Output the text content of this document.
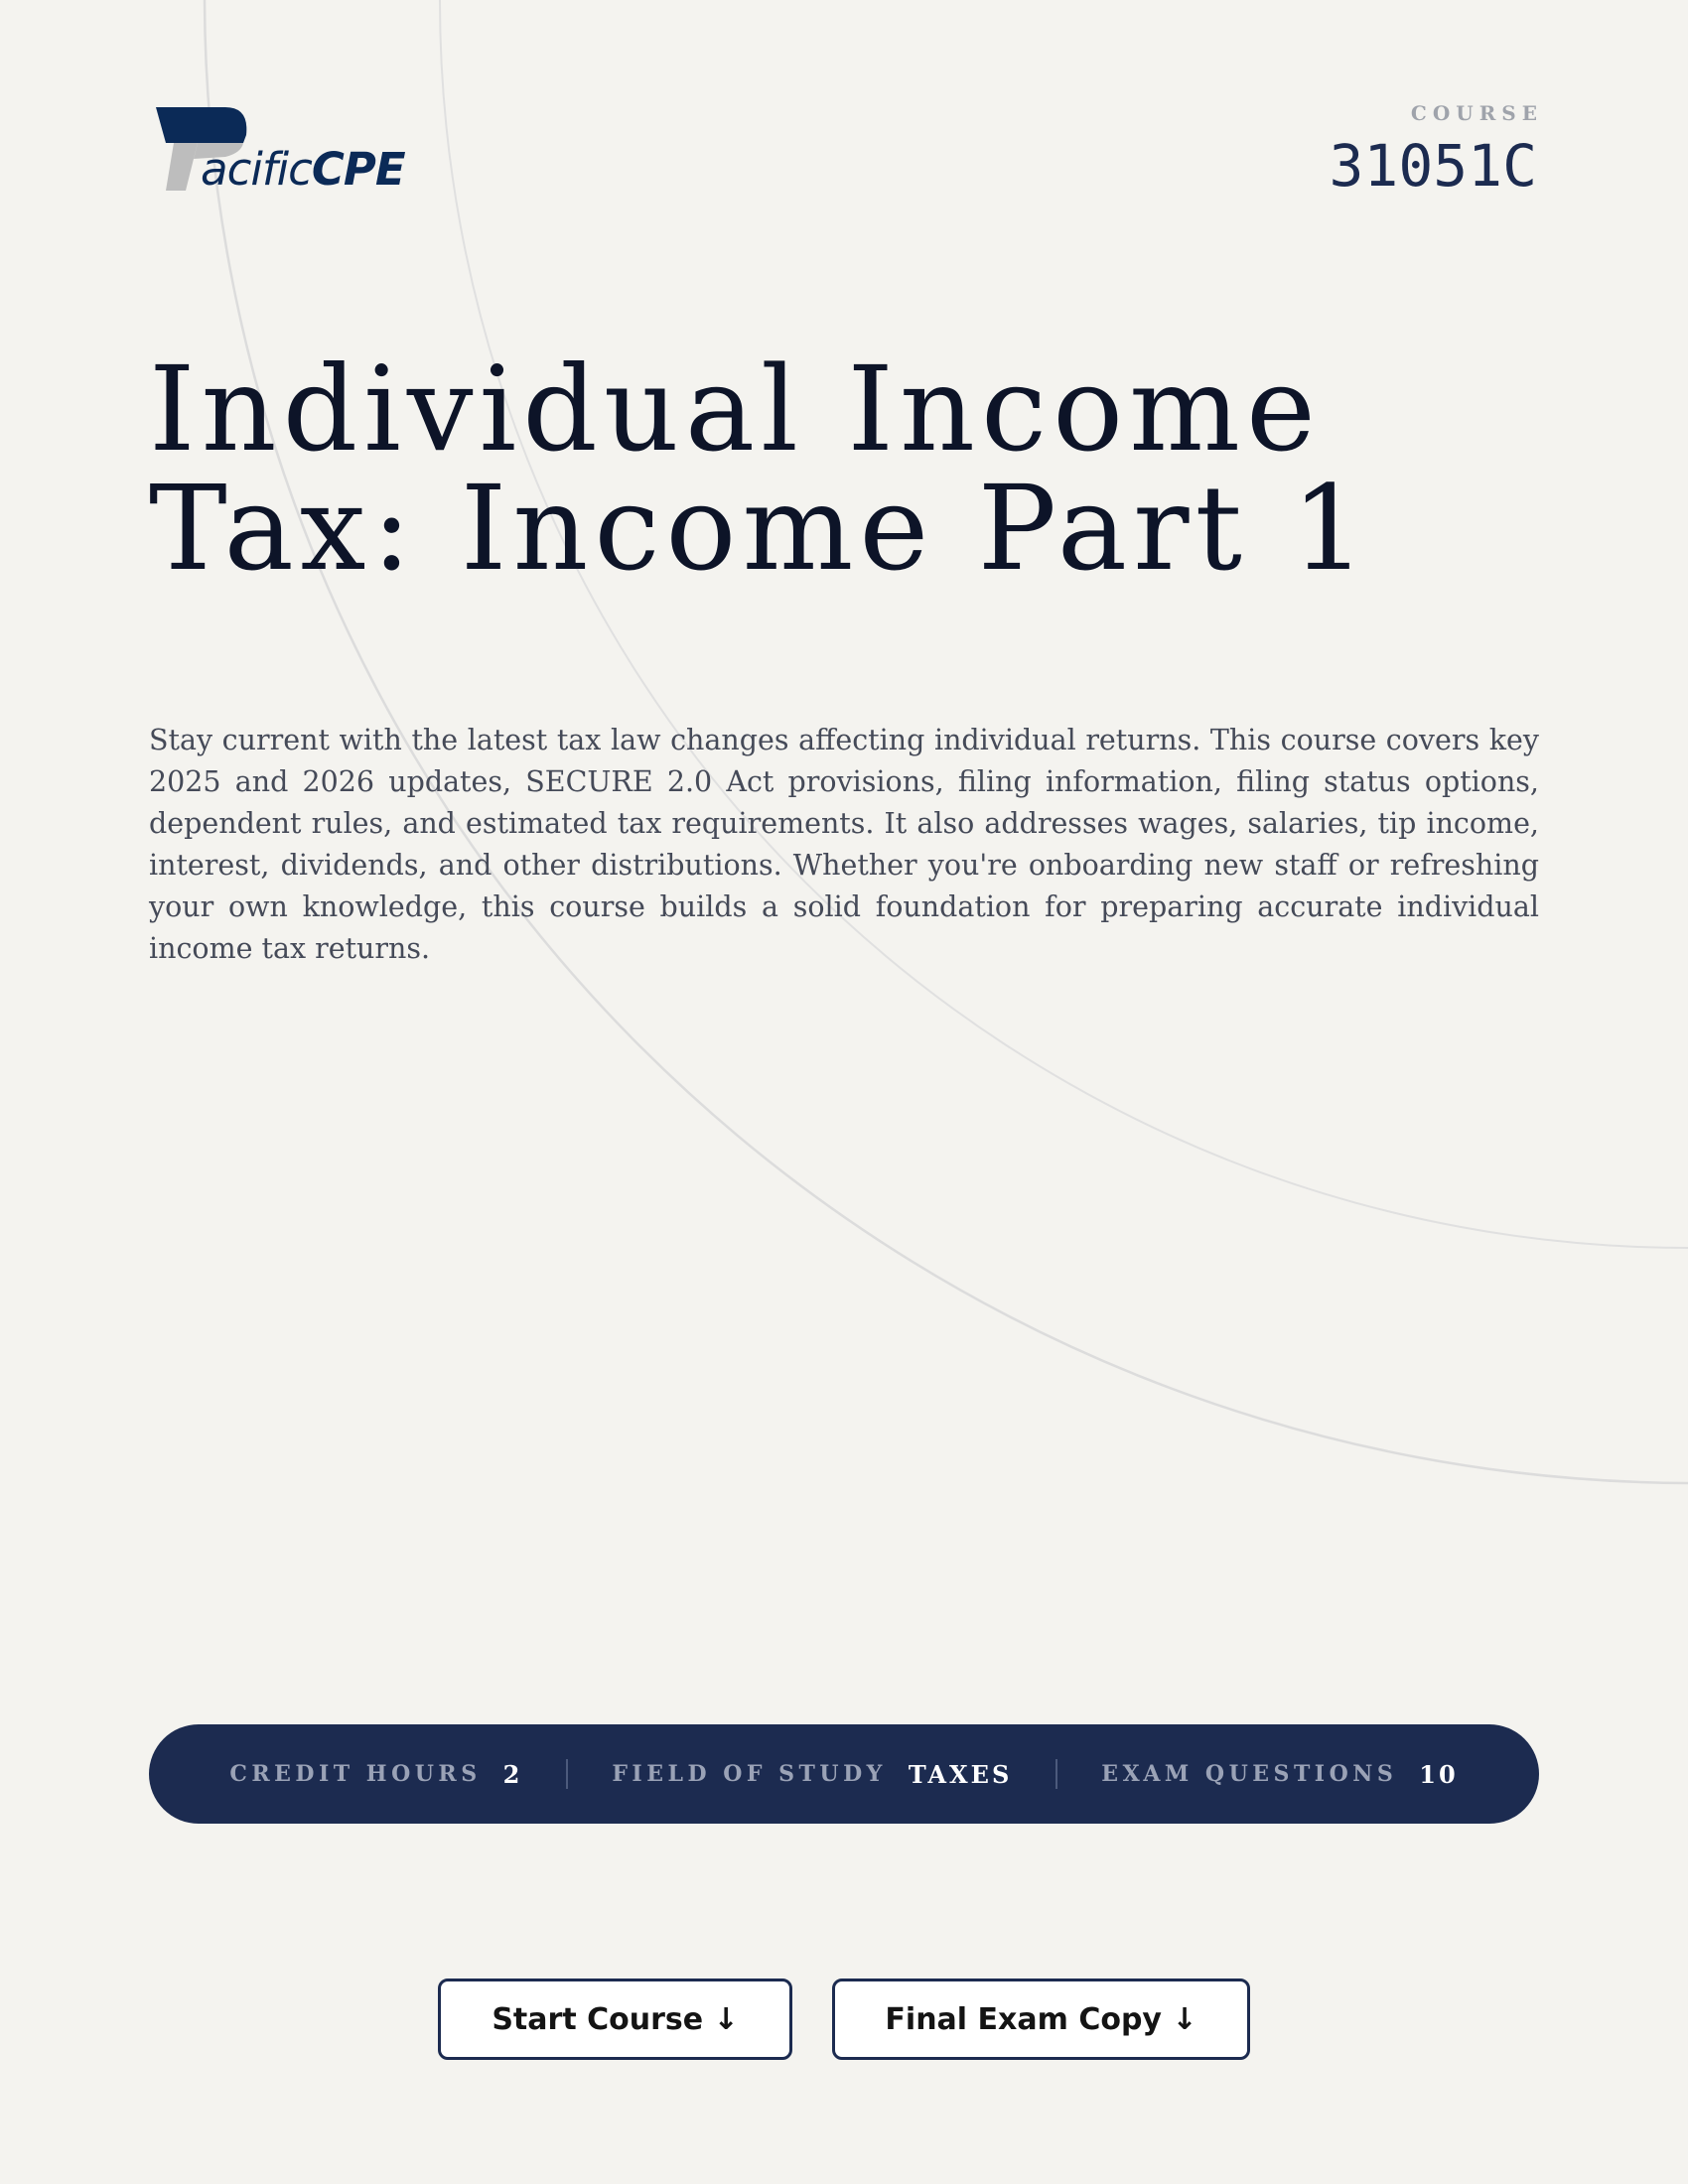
acificCPE
COURSE
31051C
Individual Income
Tax: Income Part 1

Stay current with the latest tax law changes affecting individual returns. This course covers key 2025 and 2026 updates, SECURE 2.0 Act provisions, filing information, filing status options, dependent rules, and estimated tax requirements. It also addresses wages, salaries, tip income, interest, dividends, and other distributions. Whether you're onboarding new staff or refreshing your own knowledge, this course builds a solid foundation for preparing accurate individual income tax returns.

CREDIT HOURS 2	FIELD OF STUDY TAXES	EXAM QUESTIONS 10
Start Course ↓	Final Exam Copy ↓
